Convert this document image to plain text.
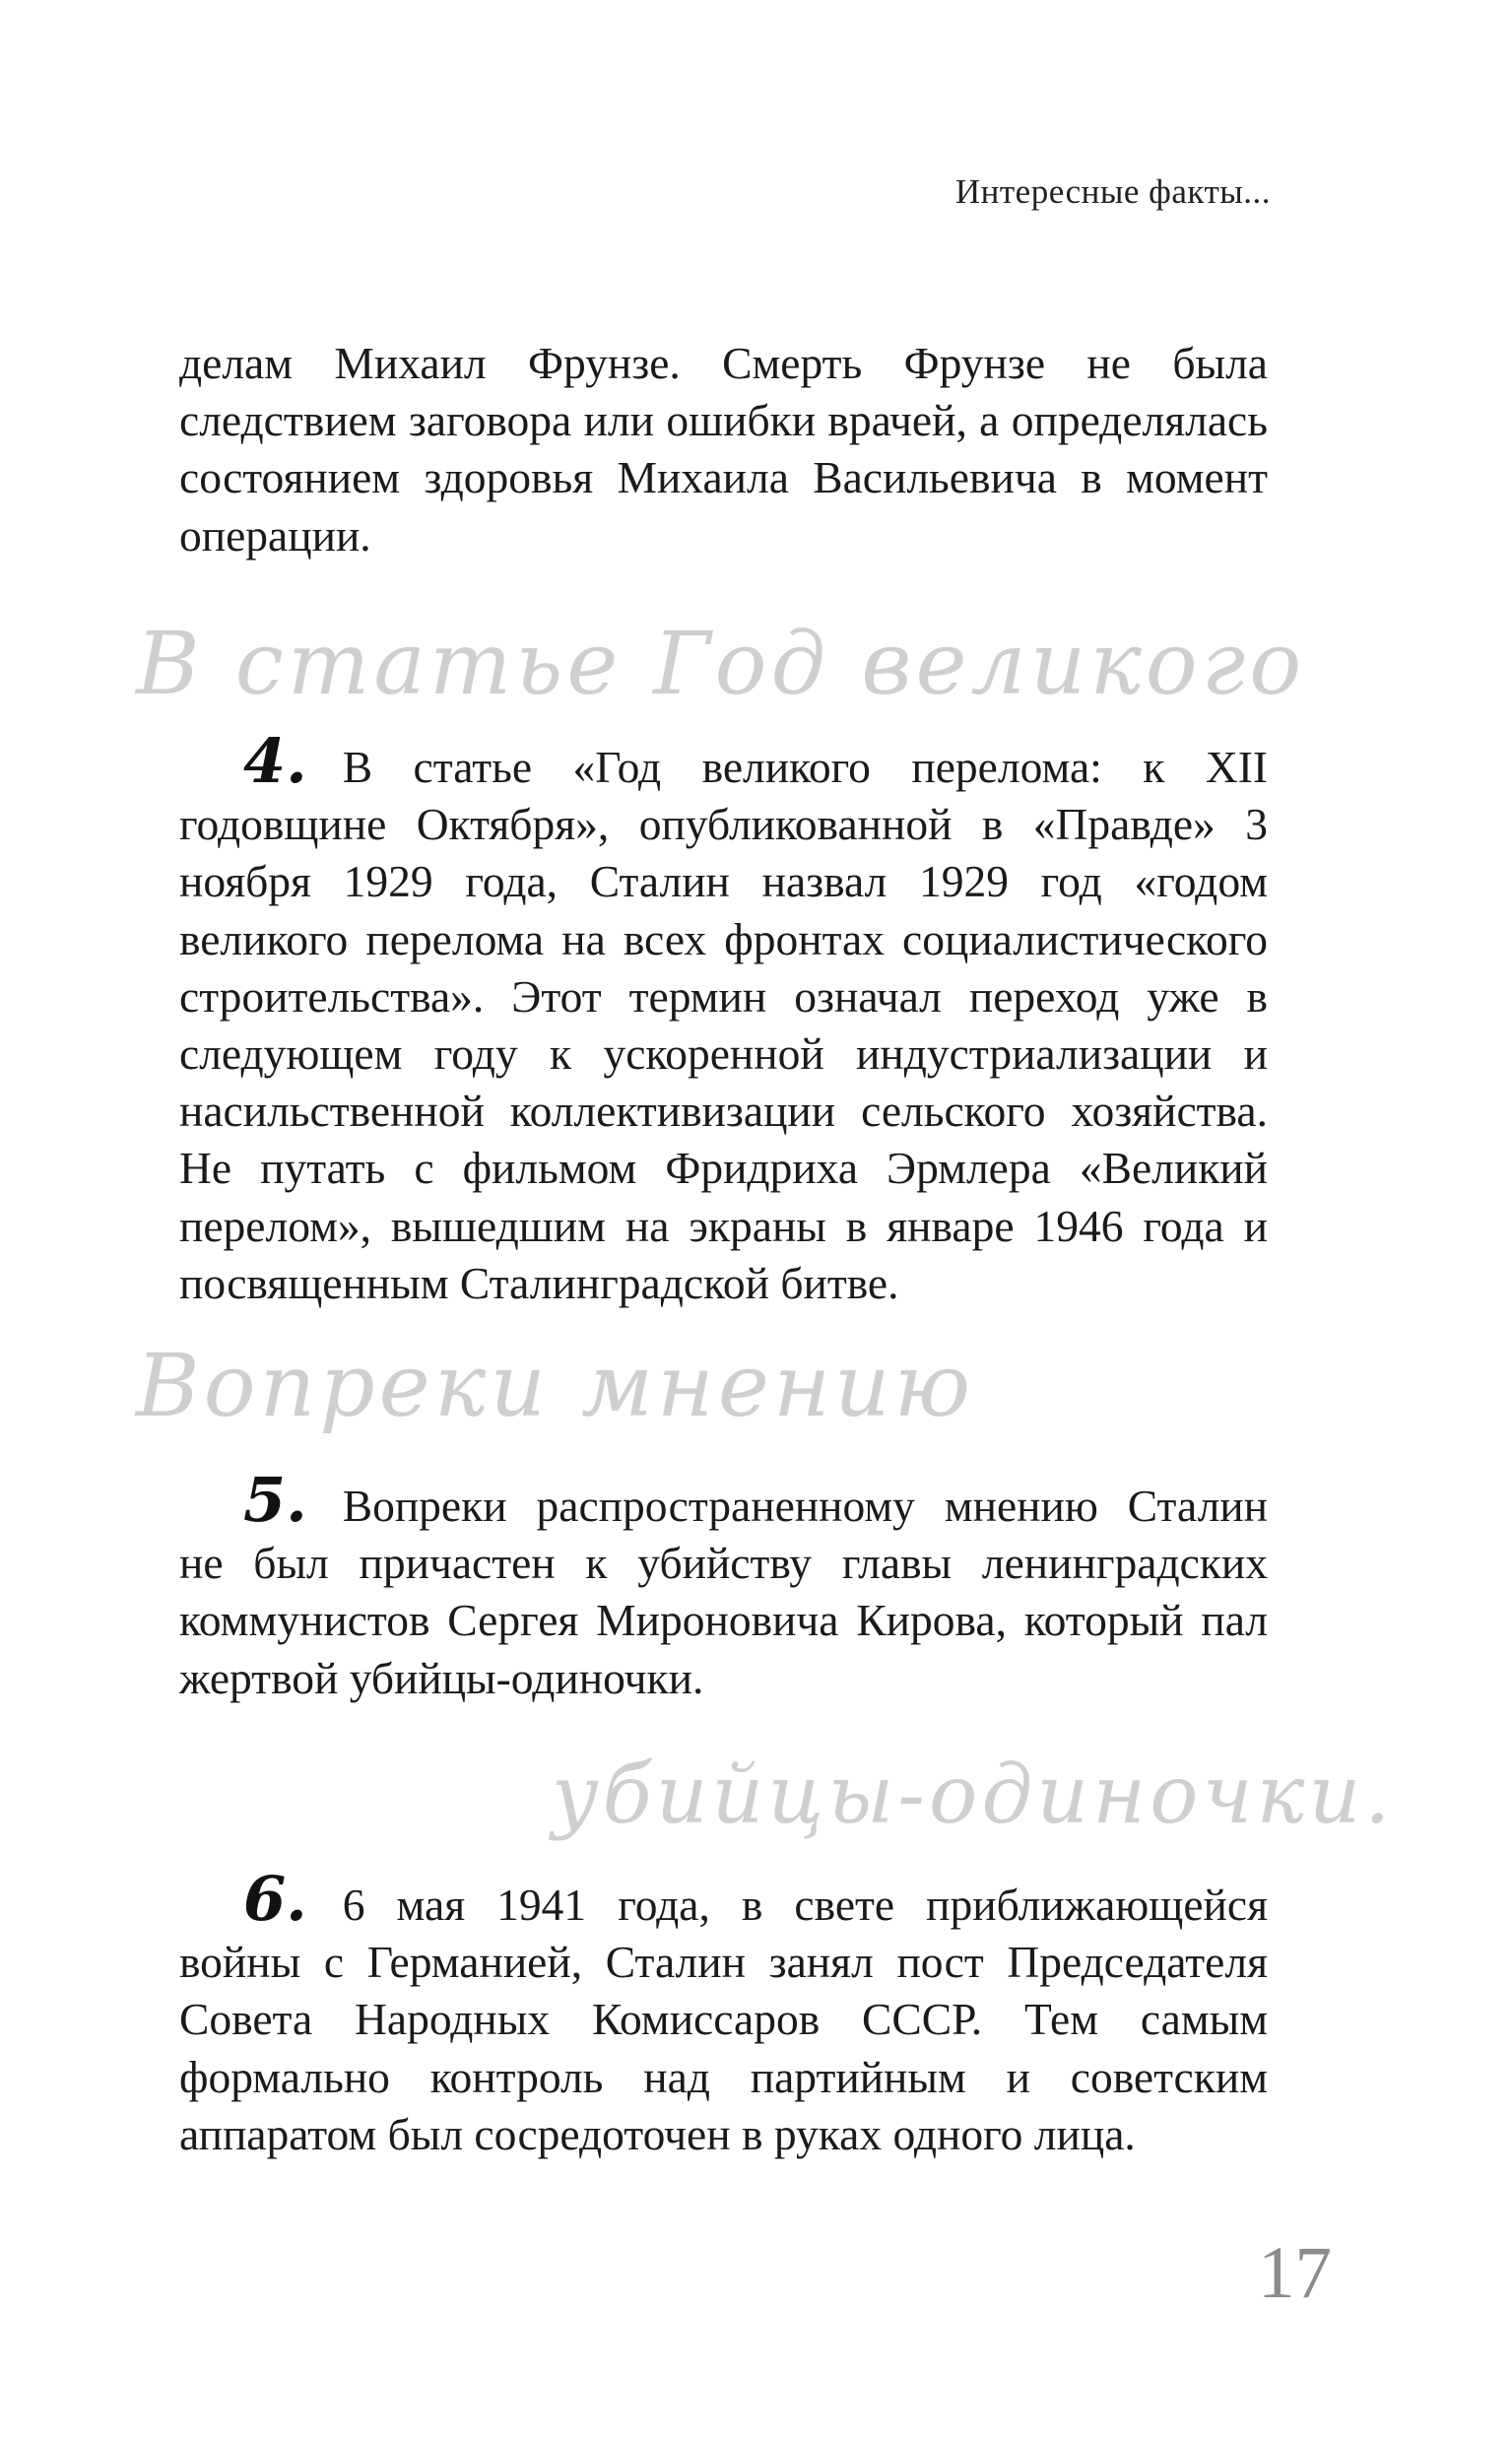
Интересные факты...

делам Михаил Фрунзе. Смерть Фрунзе не была следствием заговора или ошибки врачей, а определялась состоянием здоровья Михаила Васильевича в момент операции.

В статье Год великого

4. В статье «Год великого перелома: к XII годовщине Октября», опубликованной в «Правде» 3 ноября 1929 года, Сталин назвал 1929 год «годом великого перелома на всех фронтах социалистического строительства». Этот термин означал переход уже в следующем году к ускоренной индустриализации и насильственной коллективизации сельского хозяйства. Не путать с фильмом Фридриха Эрмлера «Великий перелом», вышедшим на экраны в январе 1946 года и посвященным Сталинградской битве.

Вопреки мнению

5. Вопреки распространенному мнению Сталин не был причастен к убийству главы ленинградских коммунистов Сергея Мироновича Кирова, который пал жертвой убийцы-одиночки.

убийцы-одиночки.

6. 6 мая 1941 года, в свете приближающейся войны с Германией, Сталин занял пост Председателя Совета Народных Комиссаров СССР. Тем самым формально контроль над партийным и советским аппаратом был сосредоточен в руках одного лица.

17
